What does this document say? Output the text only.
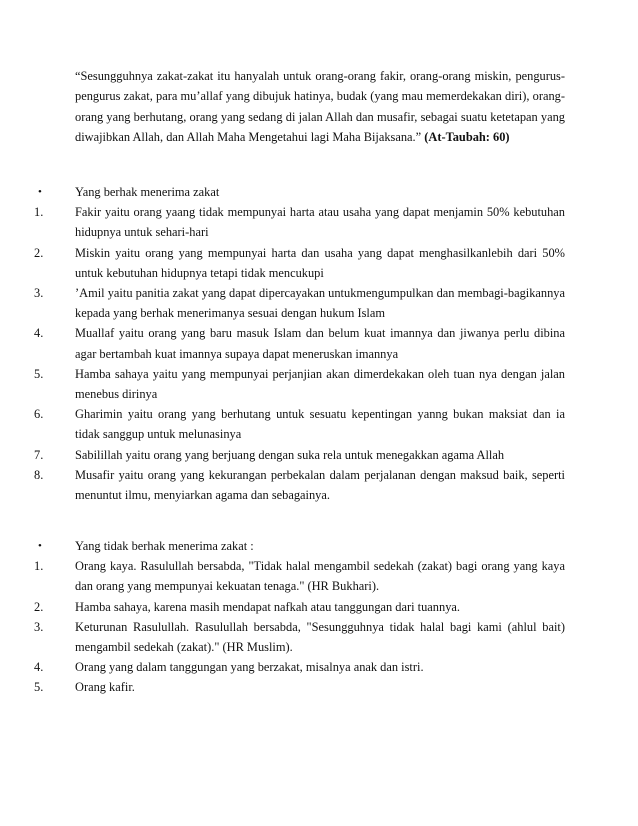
“Sesungguhnya zakat-zakat itu hanyalah untuk orang-orang fakir, orang-orang miskin, pengurus-pengurus zakat, para mu’allaf yang dibujuk hatinya, budak (yang mau memerdekakan diri), orang-orang yang berhutang, orang yang sedang di jalan Allah dan musafir, sebagai suatu ketetapan yang diwajibkan Allah, dan Allah Maha Mengetahui lagi Maha Bijaksana.” (At-Taubah: 60)
•	Yang berhak menerima zakat
1.	Fakir yaitu orang yaang tidak mempunyai harta atau usaha yang dapat menjamin 50% kebutuhan hidupnya untuk sehari-hari
2.	Miskin yaitu orang yang mempunyai harta dan usaha yang dapat menghasilkanlebih dari 50% untuk kebutuhan hidupnya tetapi tidak mencukupi
3.	’Amil yaitu panitia zakat yang dapat dipercayakan untukmengumpulkan dan membagi-bagikannya kepada yang berhak menerimanya sesuai dengan hukum Islam
4.	Muallaf yaitu orang yang baru masuk Islam dan belum kuat imannya dan jiwanya perlu dibina agar bertambah kuat imannya supaya dapat meneruskan imannya
5.	Hamba sahaya yaitu yang mempunyai perjanjian akan dimerdekakan oleh tuan nya dengan jalan menebus dirinya
6.	Gharimin yaitu orang yang berhutang untuk sesuatu kepentingan yanng bukan maksiat dan ia tidak sanggup untuk melunasinya
7.	Sabilillah yaitu orang yang berjuang dengan suka rela untuk menegakkan agama Allah
8.	Musafir yaitu orang yang kekurangan perbekalan dalam perjalanan dengan maksud baik, seperti menuntut ilmu, menyiarkan agama dan sebagainya.
•	Yang tidak berhak menerima zakat :
1.	Orang kaya. Rasulullah bersabda, "Tidak halal mengambil sedekah (zakat) bagi orang yang kaya dan orang yang mempunyai kekuatan tenaga." (HR Bukhari).
2.	Hamba sahaya, karena masih mendapat nafkah atau tanggungan dari tuannya.
3.	Keturunan Rasulullah. Rasulullah bersabda, "Sesungguhnya tidak halal bagi kami (ahlul bait) mengambil sedekah (zakat)." (HR Muslim).
4.	Orang yang dalam tanggungan yang berzakat, misalnya anak dan istri.
5.	Orang kafir.
